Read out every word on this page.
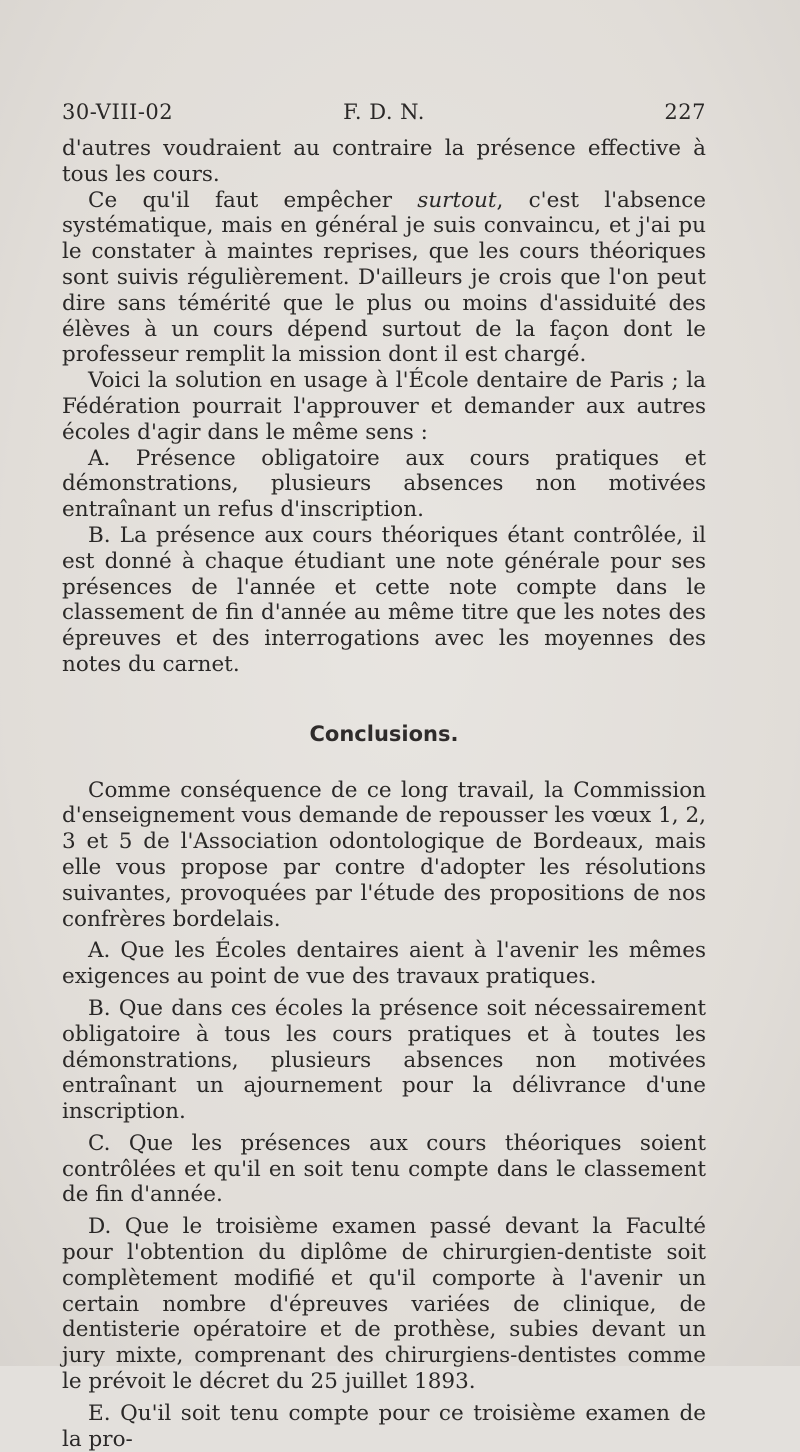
30-VIII-02	F. D. N.	227

d'autres voudraient au contraire la présence effective à tous les cours.

Ce qu'il faut empêcher surtout, c'est l'absence systématique, mais en général je suis convaincu, et j'ai pu le constater à maintes reprises, que les cours théoriques sont suivis régulièrement. D'ailleurs je crois que l'on peut dire sans témérité que le plus ou moins d'assiduité des élèves à un cours dépend surtout de la façon dont le professeur remplit la mission dont il est chargé.

Voici la solution en usage à l'École dentaire de Paris ; la Fédération pourrait l'approuver et demander aux autres écoles d'agir dans le même sens :

A. Présence obligatoire aux cours pratiques et démonstrations, plusieurs absences non motivées entraînant un refus d'inscription.

B. La présence aux cours théoriques étant contrôlée, il est donné à chaque étudiant une note générale pour ses présences de l'année et cette note compte dans le classement de fin d'année au même titre que les notes des épreuves et des interrogations avec les moyennes des notes du carnet.

Conclusions.

Comme conséquence de ce long travail, la Commission d'enseignement vous demande de repousser les vœux 1, 2, 3 et 5 de l'Association odontologique de Bordeaux, mais elle vous propose par contre d'adopter les résolutions suivantes, provoquées par l'étude des propositions de nos confrères bordelais.

A. Que les Écoles dentaires aient à l'avenir les mêmes exigences au point de vue des travaux pratiques.

B. Que dans ces écoles la présence soit nécessairement obligatoire à tous les cours pratiques et à toutes les démonstrations, plusieurs absences non motivées entraînant un ajournement pour la délivrance d'une inscription.

C. Que les présences aux cours théoriques soient contrôlées et qu'il en soit tenu compte dans le classement de fin d'année.

D. Que le troisième examen passé devant la Faculté pour l'obtention du diplôme de chirurgien-dentiste soit complètement modifié et qu'il comporte à l'avenir un certain nombre d'épreuves variées de clinique, de dentisterie opératoire et de prothèse, subies devant un jury mixte, comprenant des chirurgiens-dentistes comme le prévoit le décret du 25 juillet 1893.

E. Qu'il soit tenu compte pour ce troisième examen de la pro-
